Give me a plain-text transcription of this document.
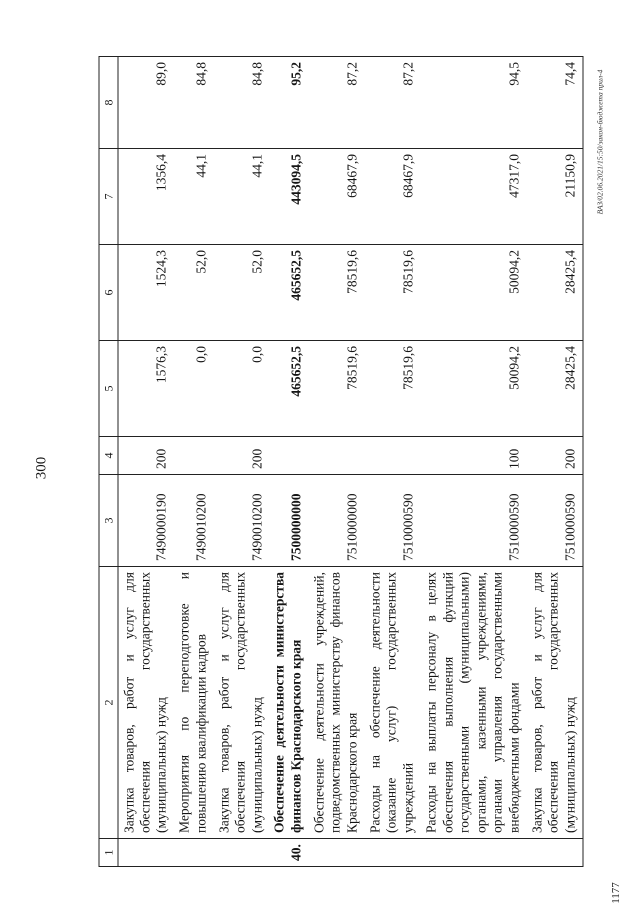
300
ВАЗ/02.06.2021/15:50/закон-бюджета прил-4
1177
1	2	3	4	5	6	7	8
	Закупка товаров, работ и услуг для обеспечения государственных (муниципальных) нужд	7490000190	200	1576,3	1524,3	1356,4	89,0
	Мероприятия по переподготовке и повышению квалификации кадров	7490010200		0,0	52,0	44,1	84,8
	Закупка товаров, работ и услуг для обеспечения государственных (муниципальных) нужд	7490010200	200	0,0	52,0	44,1	84,8
40.	Обеспечение деятельности министерства финансов Краснодарского края	7500000000		465652,5	465652,5	443094,5	95,2
	Обеспечение деятельности учреждений, подведомственных министерству финансов Краснодарского края	7510000000		78519,6	78519,6	68467,9	87,2
	Расходы на обеспечение деятельности (оказание услуг) государственных учреждений	7510000590		78519,6	78519,6	68467,9	87,2
	Расходы на выплаты персоналу в целях обеспечения выполнения функций государственными (муниципальными) органами, казенными учреждениями, органами управления государственными внебюджетными фондами	7510000590	100	50094,2	50094,2	47317,0	94,5
	Закупка товаров, работ и услуг для обеспечения государственных (муниципальных) нужд	7510000590	200	28425,4	28425,4	21150,9	74,4
